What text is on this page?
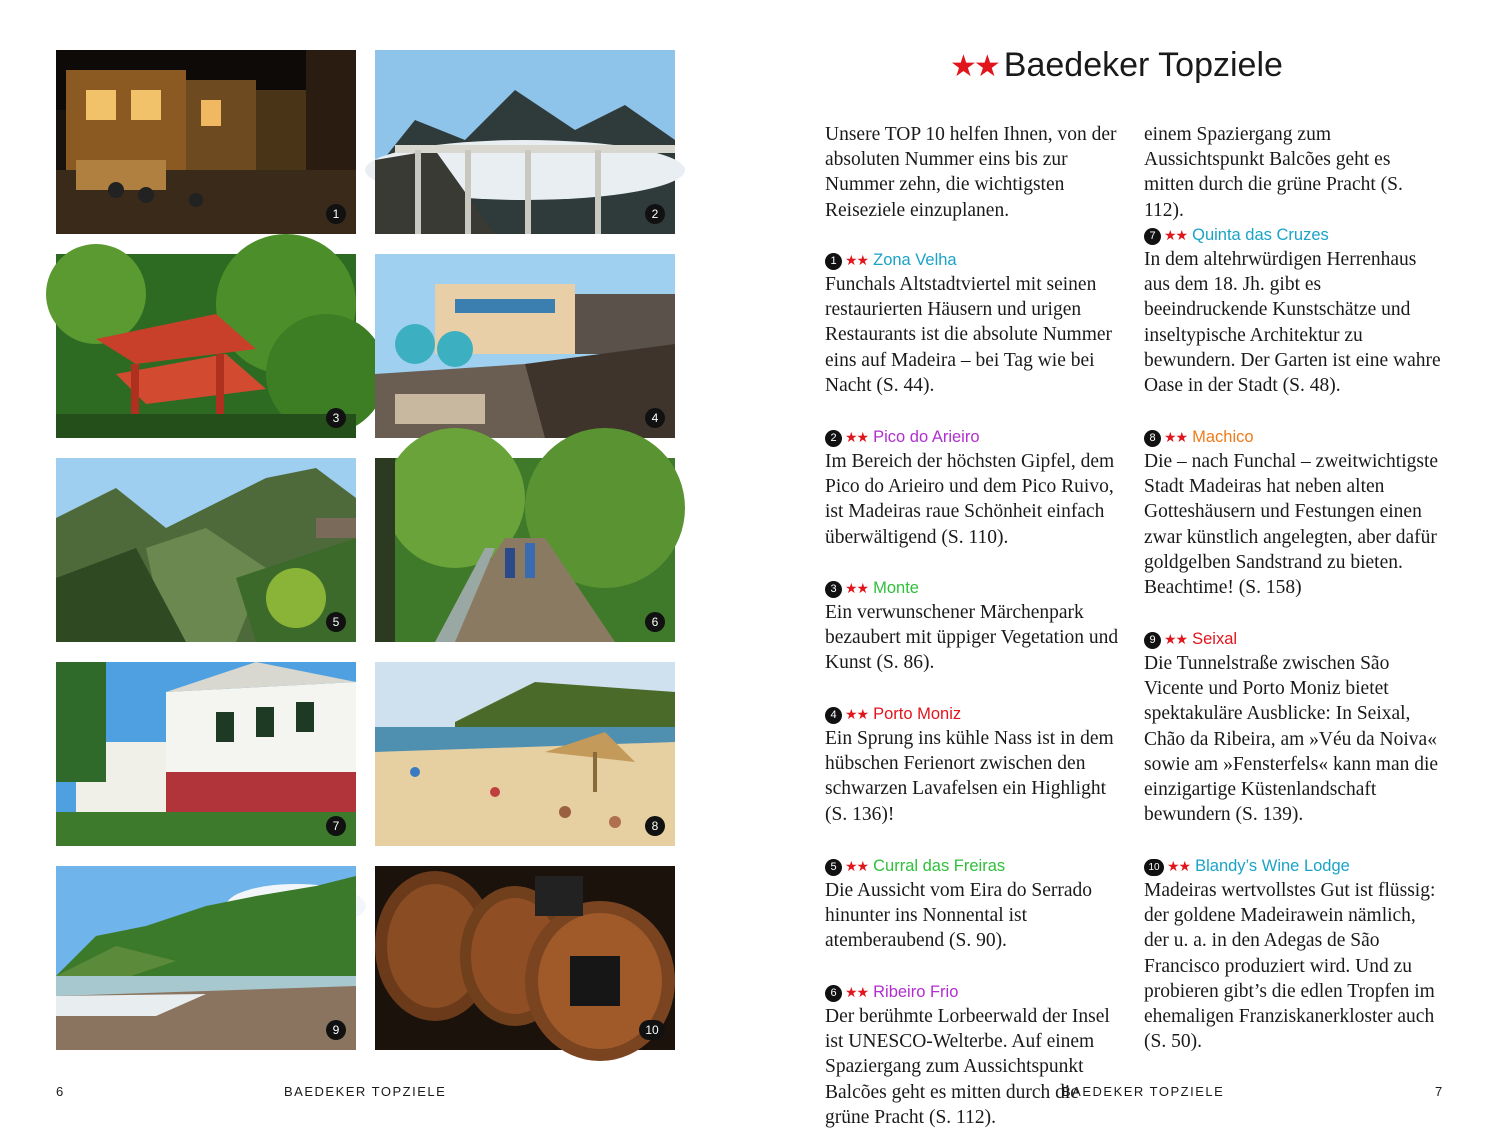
1	2
3	4
5	6
7	8
9	10
★★ Baedeker Topziele

Unsere TOP 10 helfen Ihnen, von der absoluten Nummer eins bis zur Nummer zehn, die wichtigsten Reiseziele einzuplanen.

1 ★★ Zona Velha

Funchals Altstadtviertel mit seinen restaurierten Häusern und urigen Restaurants ist die absolute Nummer eins auf Madeira – bei Tag wie bei Nacht (S. 44).

2 ★★ Pico do Arieiro

Im Bereich der höchsten Gipfel, dem Pico do Arieiro und dem Pico Ruivo, ist Madeiras raue Schönheit einfach überwältigend (S. 110).

3 ★★ Monte

Ein verwunschener Märchenpark bezaubert mit üppiger Vegetation und Kunst (S. 86).

4 ★★ Porto Moniz

Ein Sprung ins kühle Nass ist in dem hübschen Ferienort zwischen den schwarzen Lavafelsen ein Highlight (S. 136)!

5 ★★ Curral das Freiras

Die Aussicht vom Eira do Serrado hinunter ins Nonnental ist atemberaubend (S. 90).

6 ★★ Ribeiro Frio

Der berühmte Lorbeerwald der Insel ist UNESCO-Welterbe. Auf einem Spaziergang zum Aussichtspunkt Balcões geht es mitten durch die grüne Pracht (S. 112).

einem Spaziergang zum Aussichtspunkt Balcões geht es mitten durch die grüne Pracht (S. 112).

7 ★★ Quinta das Cruzes

In dem altehrwürdigen Herrenhaus aus dem 18. Jh. gibt es beeindruckende Kunstschätze und inseltypische Architektur zu bewundern. Der Garten ist eine wahre Oase in der Stadt (S. 48).

8 ★★ Machico

Die – nach Funchal – zweitwichtigste Stadt Madeiras hat neben alten Gotteshäusern und Festungen einen zwar künstlich angelegten, aber dafür goldgelben Sandstrand zu bieten. Beachtime! (S. 158)

9 ★★ Seixal

Die Tunnelstraße zwischen São Vicente und Porto Moniz bietet spektakuläre Ausblicke: In Seixal, Chão da Ribeira, am »Véu da Noiva« sowie am »Fensterfels« kann man die einzigartige Küstenlandschaft bewundern (S. 139).

10 ★★ Blandy’s Wine Lodge

Madeiras wertvollstes Gut ist flüssig: der goldene Madeirawein nämlich, der u. a. in den Adegas de São Francisco produziert wird. Und zu probieren gibt’s die edlen Tropfen im ehemaligen Franziskanerkloster auch (S. 50).

6	BAEDEKER TOPZIELE	BAEDEKER TOPZIELE	7
